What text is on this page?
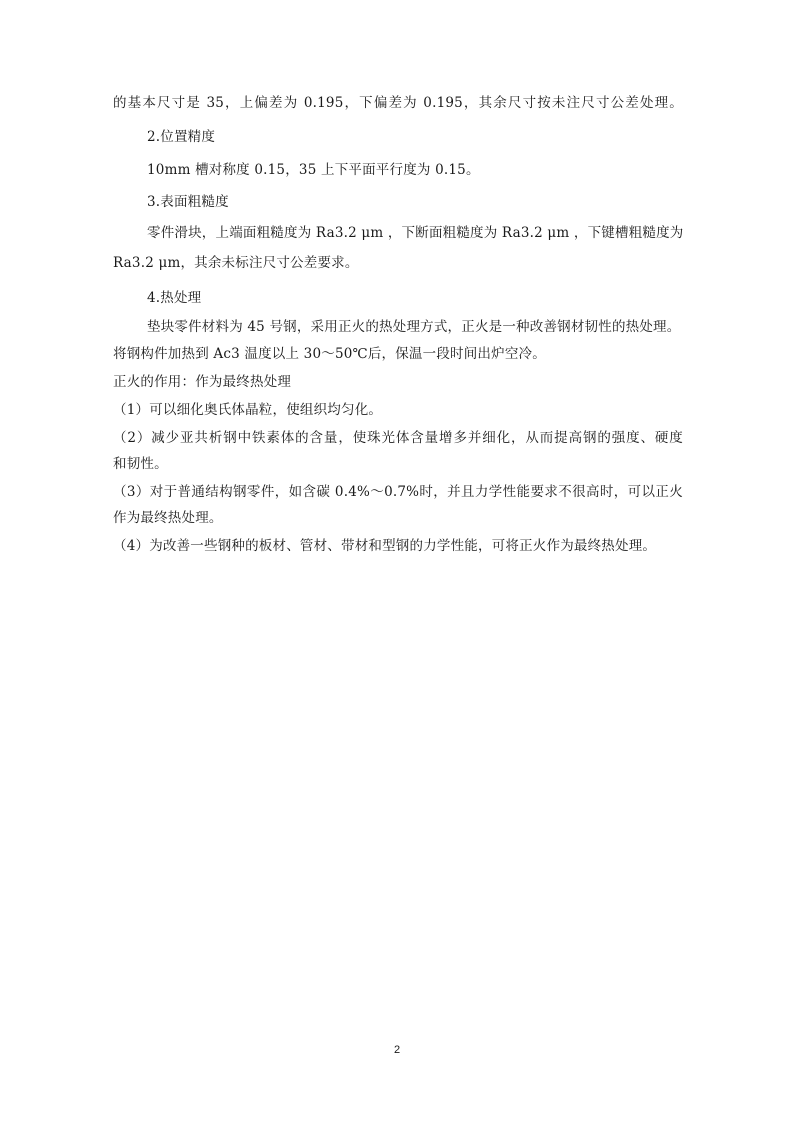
的基本尺寸是 35，上偏差为 0.195，下偏差为 0.195，其余尺寸按未注尺寸公差处理。
2.位置精度
10mm 槽对称度 0.15，35 上下平面平行度为 0.15。
3.表面粗糙度
零件滑块，上端面粗糙度为 Ra3.2 μm ，下断面粗糙度为 Ra3.2 μm ，下键槽粗糙度为
Ra3.2 μm，其余未标注尺寸公差要求。
4.热处理
垫块零件材料为 45 号钢，采用正火的热处理方式，正火是一种改善钢材韧性的热处理。
将钢构件加热到 Ac3 温度以上 30～50℃后，保温一段时间出炉空冷。
正火的作用：作为最终热处理
（1）可以细化奥氏体晶粒，使组织均匀化。
（2）减少亚共析钢中铁素体的含量，使珠光体含量增多并细化，从而提高钢的强度、硬度
和韧性。
（3）对于普通结构钢零件，如含碳 0.4%～0.7%时，并且力学性能要求不很高时，可以正火
作为最终热处理。
（4）为改善一些钢种的板材、管材、带材和型钢的力学性能，可将正火作为最终热处理。
2
